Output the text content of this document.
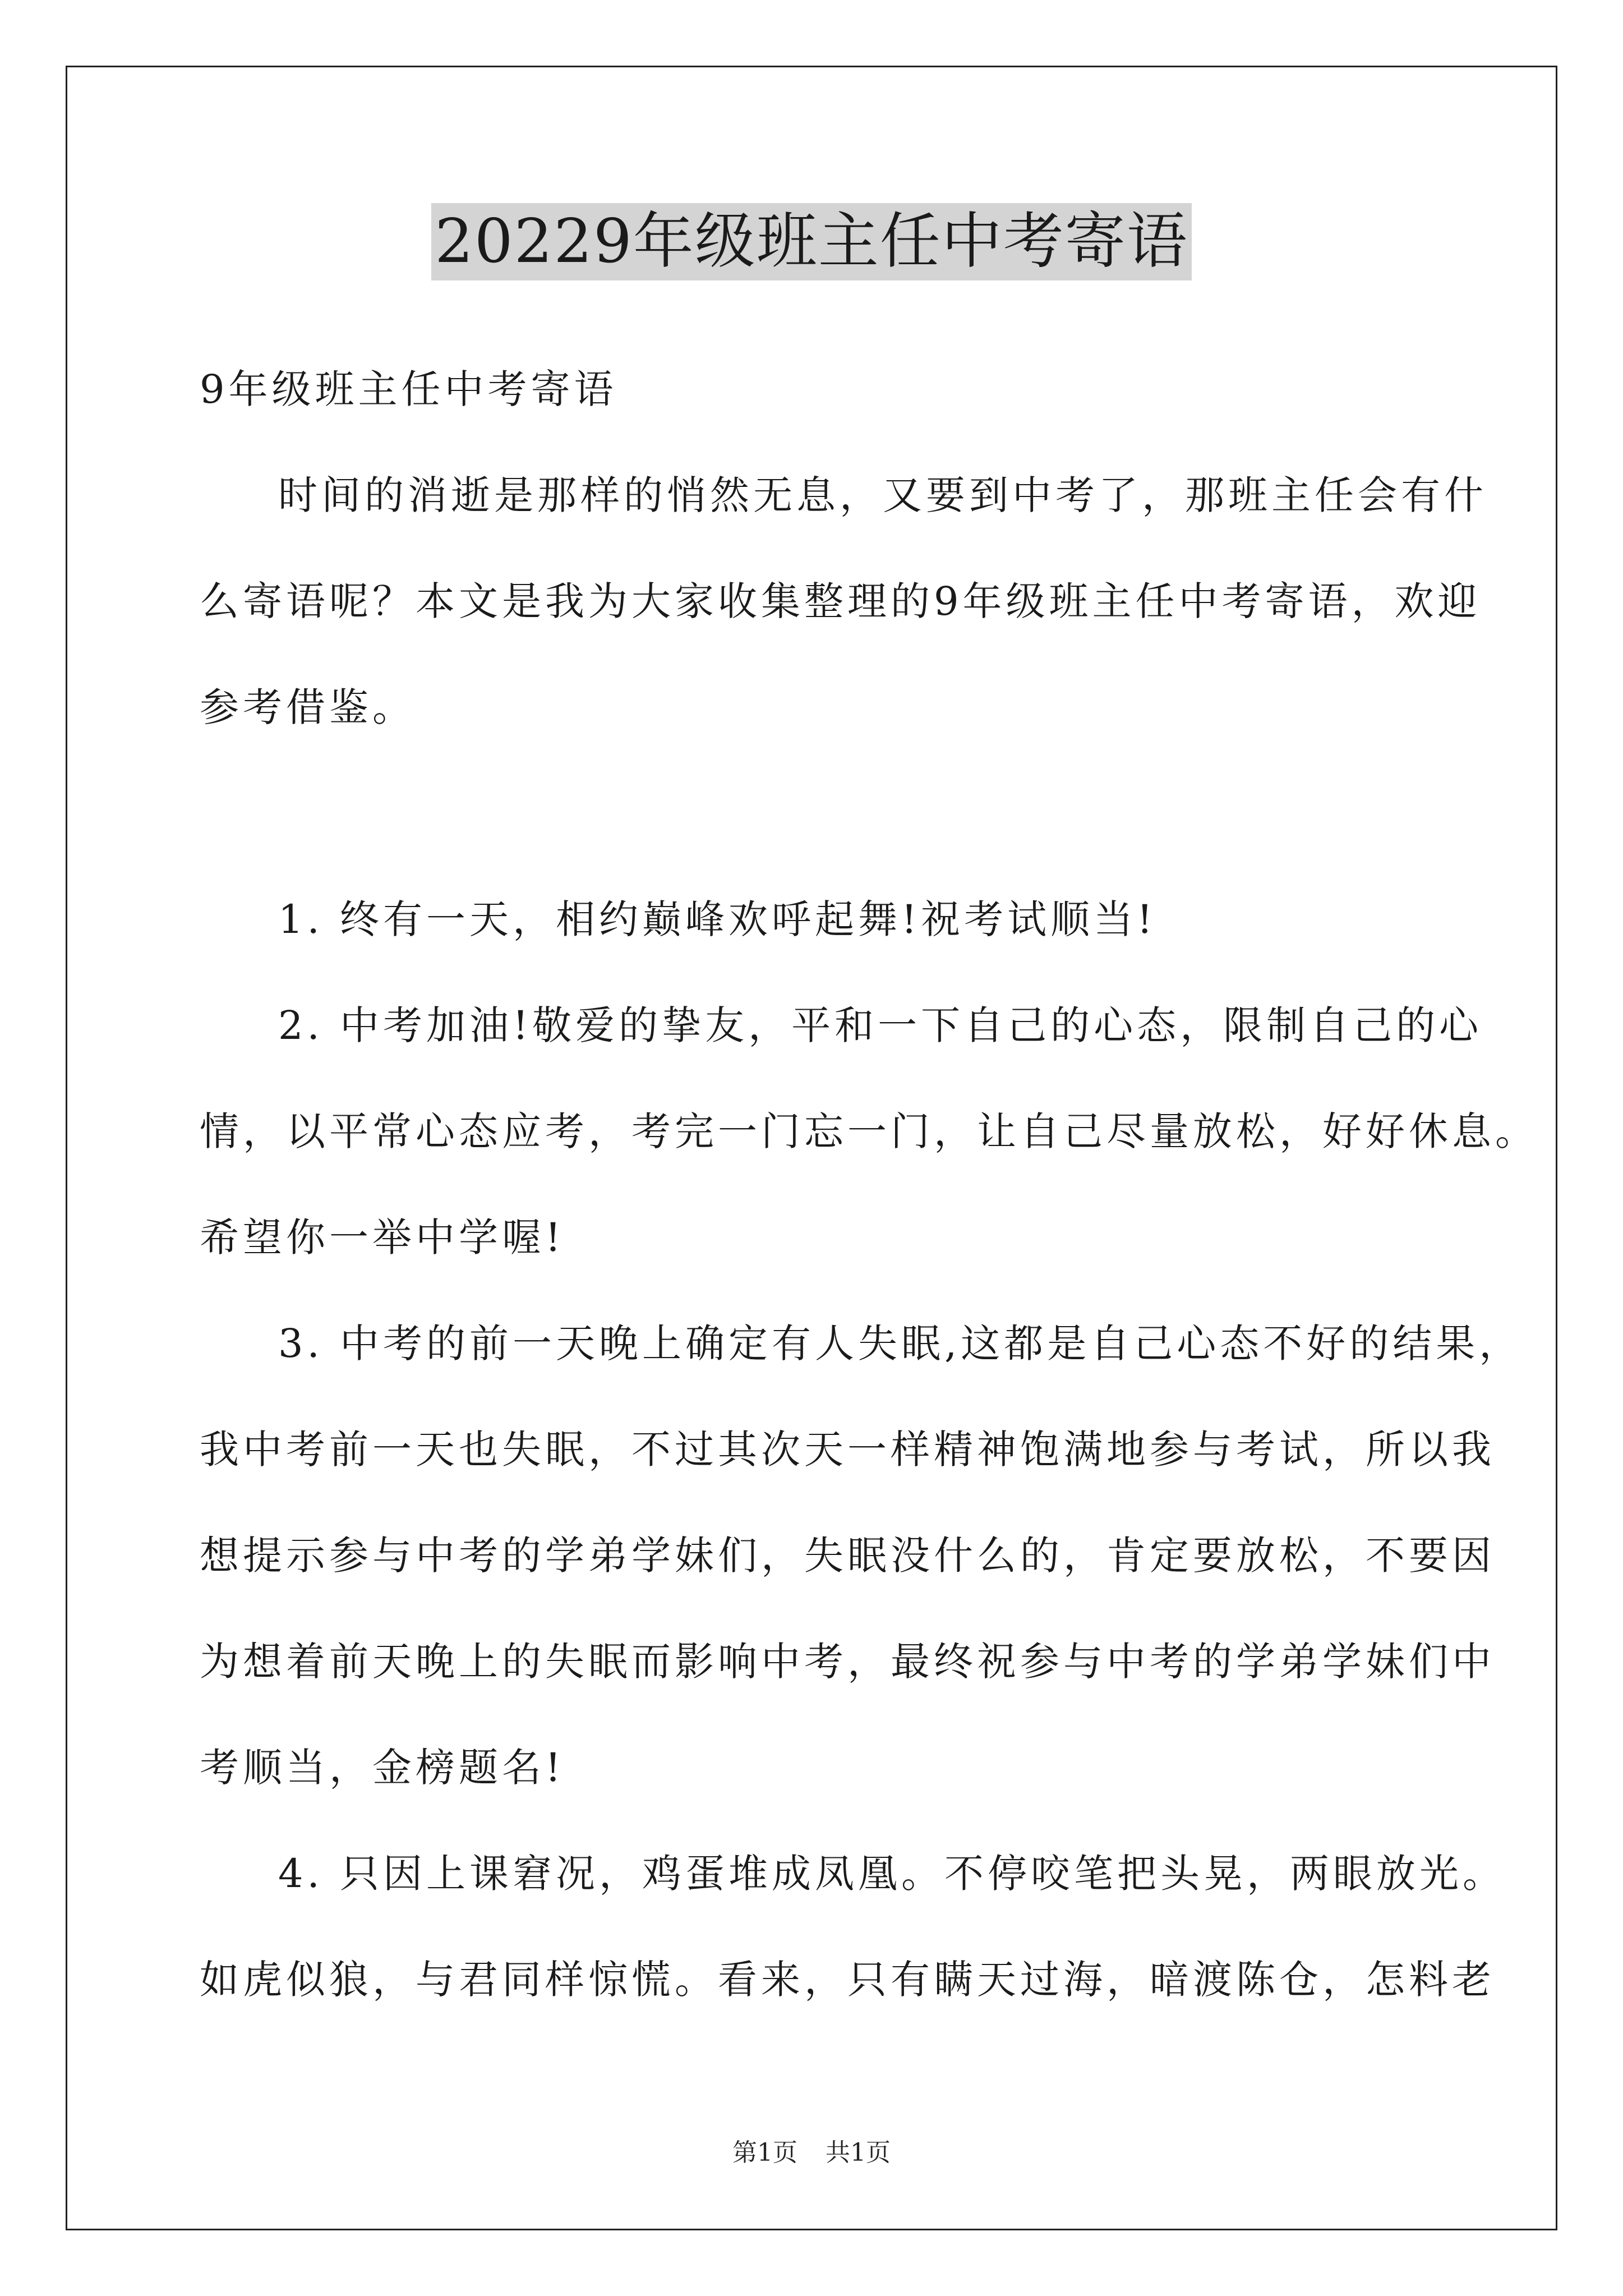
20229年级班主任中考寄语

9年级班主任中考寄语

时间的消逝是那样的悄然无息，又要到中考了，那班主任会有什
么寄语呢？本文是我为大家收集整理的9年级班主任中考寄语，欢迎
参考借鉴。

1. 终有一天，相约巅峰欢呼起舞!祝考试顺当!

2. 中考加油!敬爱的挚友，平和一下自己的心态，限制自己的心
情，以平常心态应考，考完一门忘一门，让自己尽量放松，好好休息。
希望你一举中学喔!

3. 中考的前一天晚上确定有人失眠,这都是自己心态不好的结果，
我中考前一天也失眠，不过其次天一样精神饱满地参与考试，所以我
想提示参与中考的学弟学妹们，失眠没什么的，肯定要放松，不要因
为想着前天晚上的失眠而影响中考，最终祝参与中考的学弟学妹们中
考顺当，金榜题名!

4. 只因上课窘况，鸡蛋堆成凤凰。不停咬笔把头晃，两眼放光。
如虎似狼，与君同样惊慌。看来，只有瞒天过海，暗渡陈仓，怎料老

第1页 共1页
